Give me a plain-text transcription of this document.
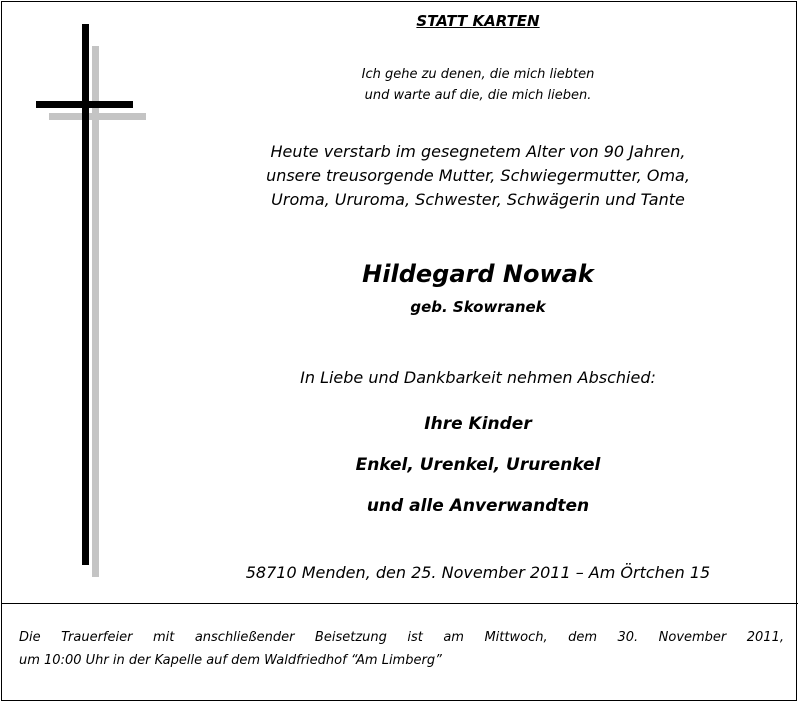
STATT KARTEN
Ich gehe zu denen, die mich liebten
und warte auf die, die mich lieben.
Heute verstarb im gesegnetem Alter von 90 Jahren,
unsere treusorgende Mutter, Schwiegermutter, Oma,
Uroma, Ururoma, Schwester, Schwägerin und Tante
Hildegard Nowak
geb. Skowranek
In Liebe und Dankbarkeit nehmen Abschied:
Ihre Kinder
Enkel, Urenkel, Ururenkel
und alle Anverwandten
58710 Menden, den 25. November 2011 – Am Örtchen 15
Die Trauerfeier mit anschließender Beisetzung ist am Mittwoch, dem 30. November 2011,
um 10:00 Uhr in der Kapelle auf dem Waldfriedhof “Am Limberg”
